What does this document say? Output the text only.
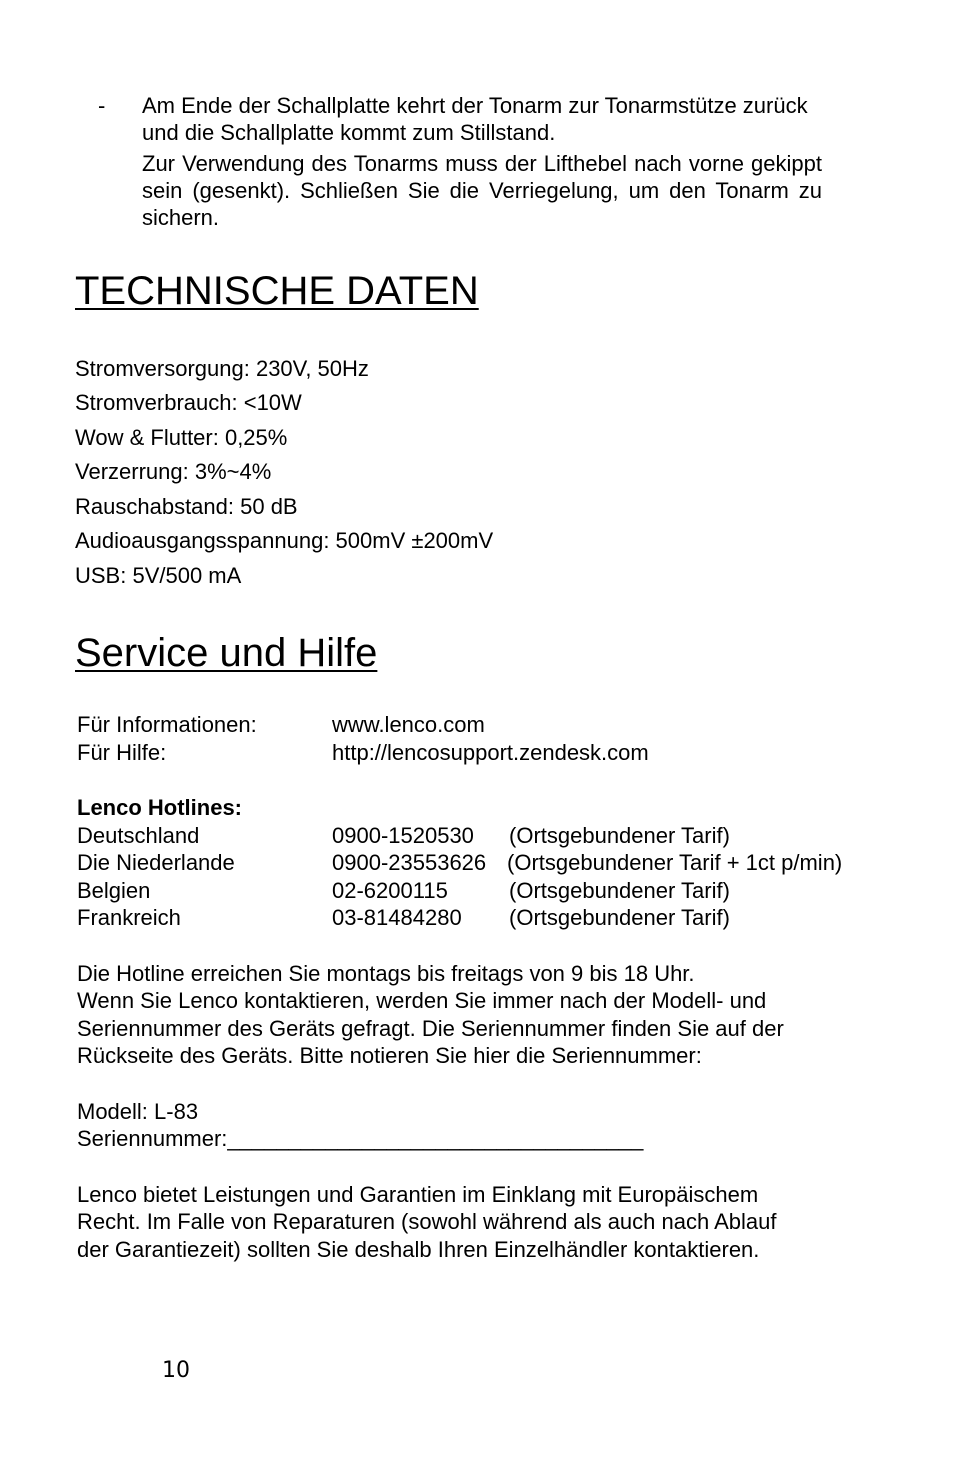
- Am Ende der Schallplatte kehrt der Tonarm zur Tonarmstütze zurück
und die Schallplatte kommt zum Stillstand.
Zur Verwendung des Tonarms muss der Lifthebel nach vorne gekippt sein (gesenkt). Schließen Sie die Verriegelung, um den Tonarm zu sichern.
TECHNISCHE DATEN
Stromversorgung: 230V, 50Hz
Stromverbrauch: <10W
Wow & Flutter: 0,25%
Verzerrung: 3%~4%
Rauschabstand: 50 dB
Audioausgangsspannung: 500mV ±200mV
USB: 5V/500 mA
Service und Hilfe
Für Informationen:	www.lenco.com
Für Hilfe:	http://lencosupport.zendesk.com
Lenco Hotlines:
Deutschland	0900-1520530 (Ortsgebundener Tarif)
Die Niederlande	0900-23553626 (Ortsgebundener Tarif + 1ct p/min)
Belgien	02-6200115	(Ortsgebundener Tarif)
Frankreich	03-81484280 (Ortsgebundener Tarif)
Die Hotline erreichen Sie montags bis freitags von 9 bis 18 Uhr.
Wenn Sie Lenco kontaktieren, werden Sie immer nach der Modell- und
Seriennummer des Geräts gefragt. Die Seriennummer finden Sie auf der
Rückseite des Geräts. Bitte notieren Sie hier die Seriennummer:
Modell: L-83
Seriennummer:__________________________________
Lenco bietet Leistungen und Garantien im Einklang mit Europäischem
Recht. Im Falle von Reparaturen (sowohl während als auch nach Ablauf
der Garantiezeit) sollten Sie deshalb Ihren Einzelhändler kontaktieren.
10
